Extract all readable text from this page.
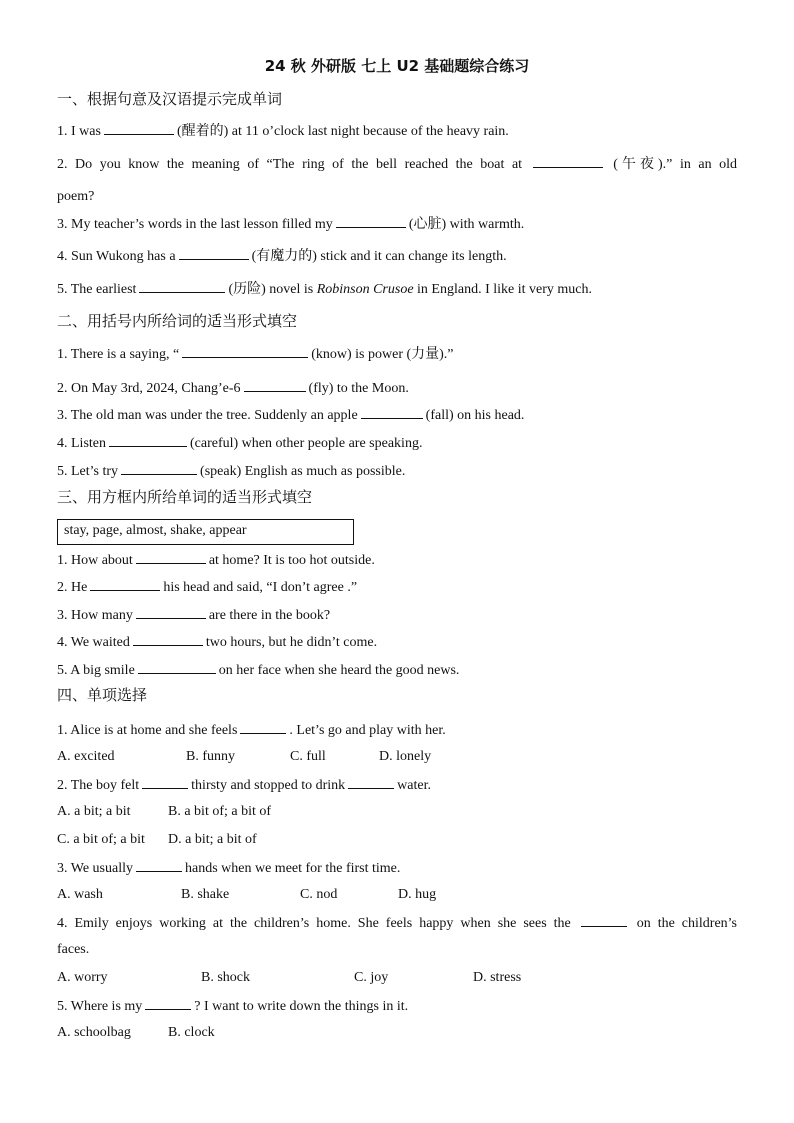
24 秋 外研版 七上 U2 基础题综合练习
一、根据句意及汉语提示完成单词
1. I was	(醒着的) at 11 o’clock last night because of the heavy rain.
2. Do you know the meaning of “The ring of the bell reached the boat at	(午夜).” in an old
poem?
3. My teacher’s words in the last lesson filled my	(心脏) with warmth.
4. Sun Wukong has a	(有魔力的) stick and it can change its length.
5. The earliest	(历险) novel is Robinson Crusoe in England. I like it very much.
二、用括号内所给词的适当形式填空
1. There is a saying, “	(know) is power (力量).”
2. On May 3rd, 2024, Chang’e-6	(fly) to the Moon.
3. The old man was under the tree. Suddenly an apple	(fall) on his head.
4. Listen	(careful) when other people are speaking.
5. Let’s try	(speak) English as much as possible.
三、用方框内所给单词的适当形式填空
stay, page, almost, shake, appear
1. How about	at home? It is too hot outside.
2. He	his head and said, “I don’t agree .”
3. How many	are there in the book?
4. We waited	two hours, but he didn’t come.
5. A big smile	on her face when she heard the good news.
四、单项选择
1. Alice is at home and she feels	. Let’s go and play with her.
A. excited	B. funny	C. full	D. lonely
2. The boy felt	thirsty and stopped to drink	water.
A. a bit; a bit	B. a bit of; a bit of
C. a bit of; a bit D. a bit; a bit of
3. We usually	hands when we meet for the first time.
A. wash	B. shake	C. nod	D. hug
4. Emily enjoys working at the children’s home. She feels happy when she sees the	on the children’s
faces.
A. worry	B. shock	C. joy	D. stress
5. Where is my	? I want to write down the things in it.
A. schoolbag	B. clock
